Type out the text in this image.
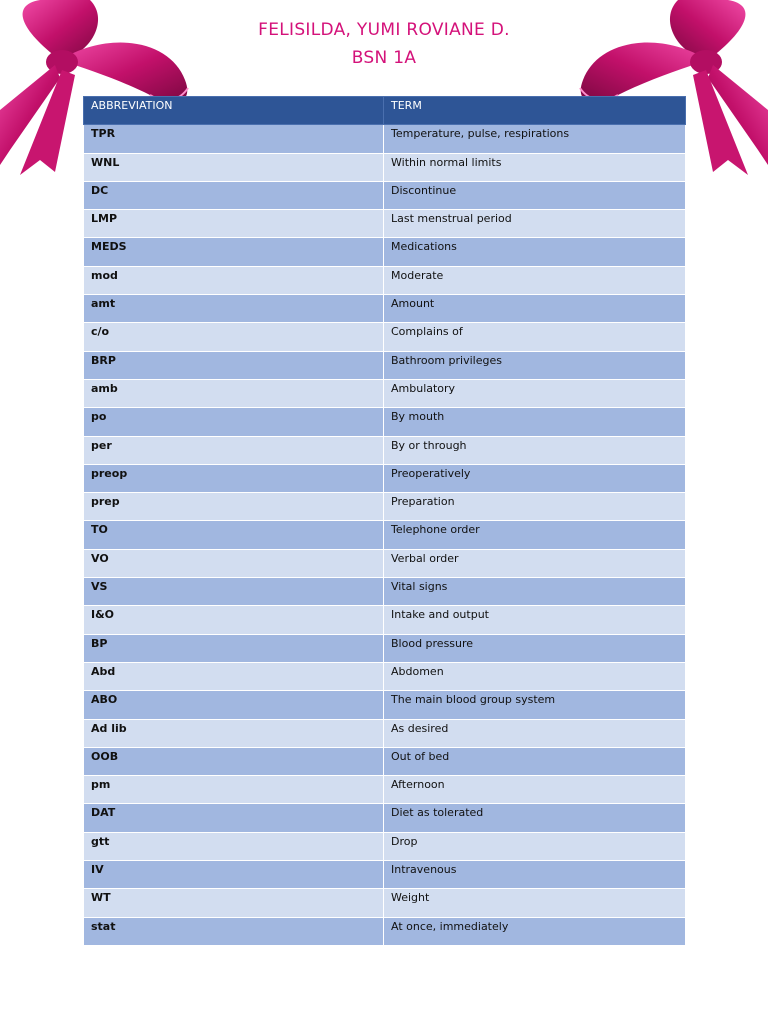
FELISILDA, YUMI ROVIANE D.
BSN 1A
ABBREVIATION	TERM
TPR	Temperature, pulse, respirations
WNL	Within normal limits
DC	Discontinue
LMP	Last menstrual period
MEDS	Medications
mod	Moderate
amt	Amount
c/o	Complains of
BRP	Bathroom privileges
amb	Ambulatory
po	By mouth
per	By or through
preop	Preoperatively
prep	Preparation
TO	Telephone order
VO	Verbal order
VS	Vital signs
I&O	Intake and output
BP	Blood pressure
Abd	Abdomen
ABO	The main blood group system
Ad lib	As desired
OOB	Out of bed
pm	Afternoon
DAT	Diet as tolerated
gtt	Drop
IV	Intravenous
WT	Weight
stat	At once, immediately
